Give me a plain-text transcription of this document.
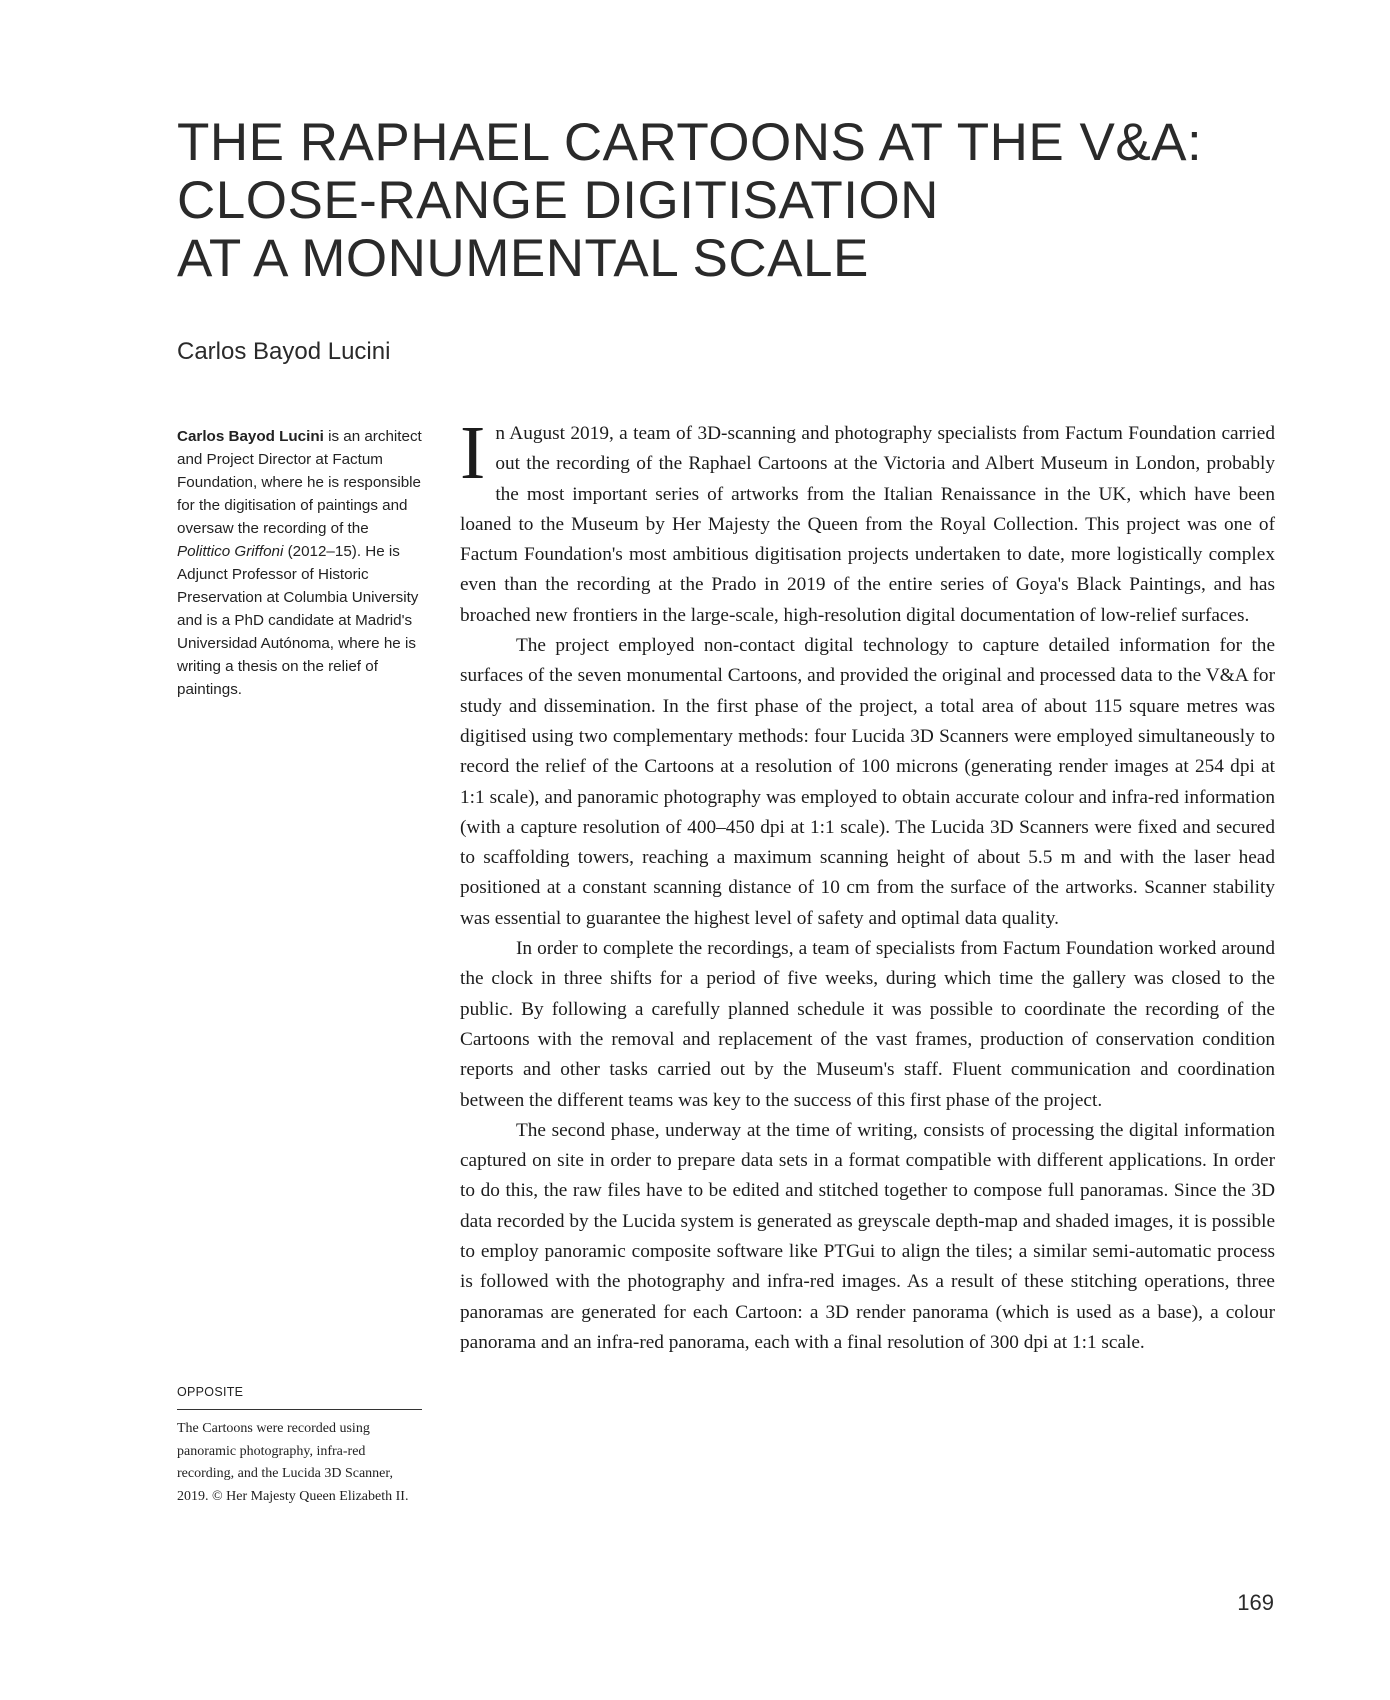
THE RAPHAEL CARTOONS AT THE V&A:
CLOSE-RANGE DIGITISATION
AT A MONUMENTAL SCALE
Carlos Bayod Lucini
Carlos Bayod Lucini is an architect and Project Director at Factum Foundation, where he is responsible for the digitisation of paintings and oversaw the recording of the Polittico Griffoni (2012–15). He is Adjunct Professor of Historic Preservation at Columbia University and is a PhD candidate at Madrid's Universidad Autónoma, where he is writing a thesis on the relief of paintings.
OPPOSITE
The Cartoons were recorded using panoramic photography, infra-red recording, and the Lucida 3D Scanner, 2019. © Her Majesty Queen Elizabeth II.

In August 2019, a team of 3D-scanning and photography specialists from Factum Foundation carried out the recording of the Raphael Cartoons at the Victoria and Albert Museum in London, probably the most important series of artworks from the Italian Renaissance in the UK, which have been loaned to the Museum by Her Majesty the Queen from the Royal Collection. This project was one of Factum Foundation's most ambitious digitisation projects undertaken to date, more logistically complex even than the recording at the Prado in 2019 of the entire series of Goya's Black Paintings, and has broached new frontiers in the large-scale, high-resolution digital documentation of low-relief surfaces.

The project employed non-contact digital technology to capture detailed information for the surfaces of the seven monumental Cartoons, and provided the original and processed data to the V&A for study and dissemination. In the first phase of the project, a total area of about 115 square metres was digitised using two complementary methods: four Lucida 3D Scanners were employed simultaneously to record the relief of the Cartoons at a resolution of 100 microns (generating render images at 254 dpi at 1:1 scale), and panoramic photography was employed to obtain accurate colour and infra-red information (with a capture resolution of 400–450 dpi at 1:1 scale). The Lucida 3D Scanners were fixed and secured to scaffolding towers, reaching a maximum scanning height of about 5.5 m and with the laser head positioned at a constant scanning distance of 10 cm from the surface of the artworks. Scanner stability was essential to guarantee the highest level of safety and optimal data quality.

In order to complete the recordings, a team of specialists from Factum Foundation worked around the clock in three shifts for a period of five weeks, during which time the gallery was closed to the public. By following a carefully planned schedule it was possible to coordinate the recording of the Cartoons with the removal and replacement of the vast frames, production of conservation condition reports and other tasks carried out by the Museum's staff. Fluent communication and coordination between the different teams was key to the success of this first phase of the project.

The second phase, underway at the time of writing, consists of processing the digital information captured on site in order to prepare data sets in a format compatible with different applications. In order to do this, the raw files have to be edited and stitched together to compose full panoramas. Since the 3D data recorded by the Lucida system is generated as greyscale depth-map and shaded images, it is possible to employ panoramic composite software like PTGui to align the tiles; a similar semi-automatic process is followed with the photography and infra-red images. As a result of these stitching operations, three panoramas are generated for each Cartoon: a 3D render panorama (which is used as a base), a colour panorama and an infra-red panorama, each with a final resolution of 300 dpi at 1:1 scale.

169
